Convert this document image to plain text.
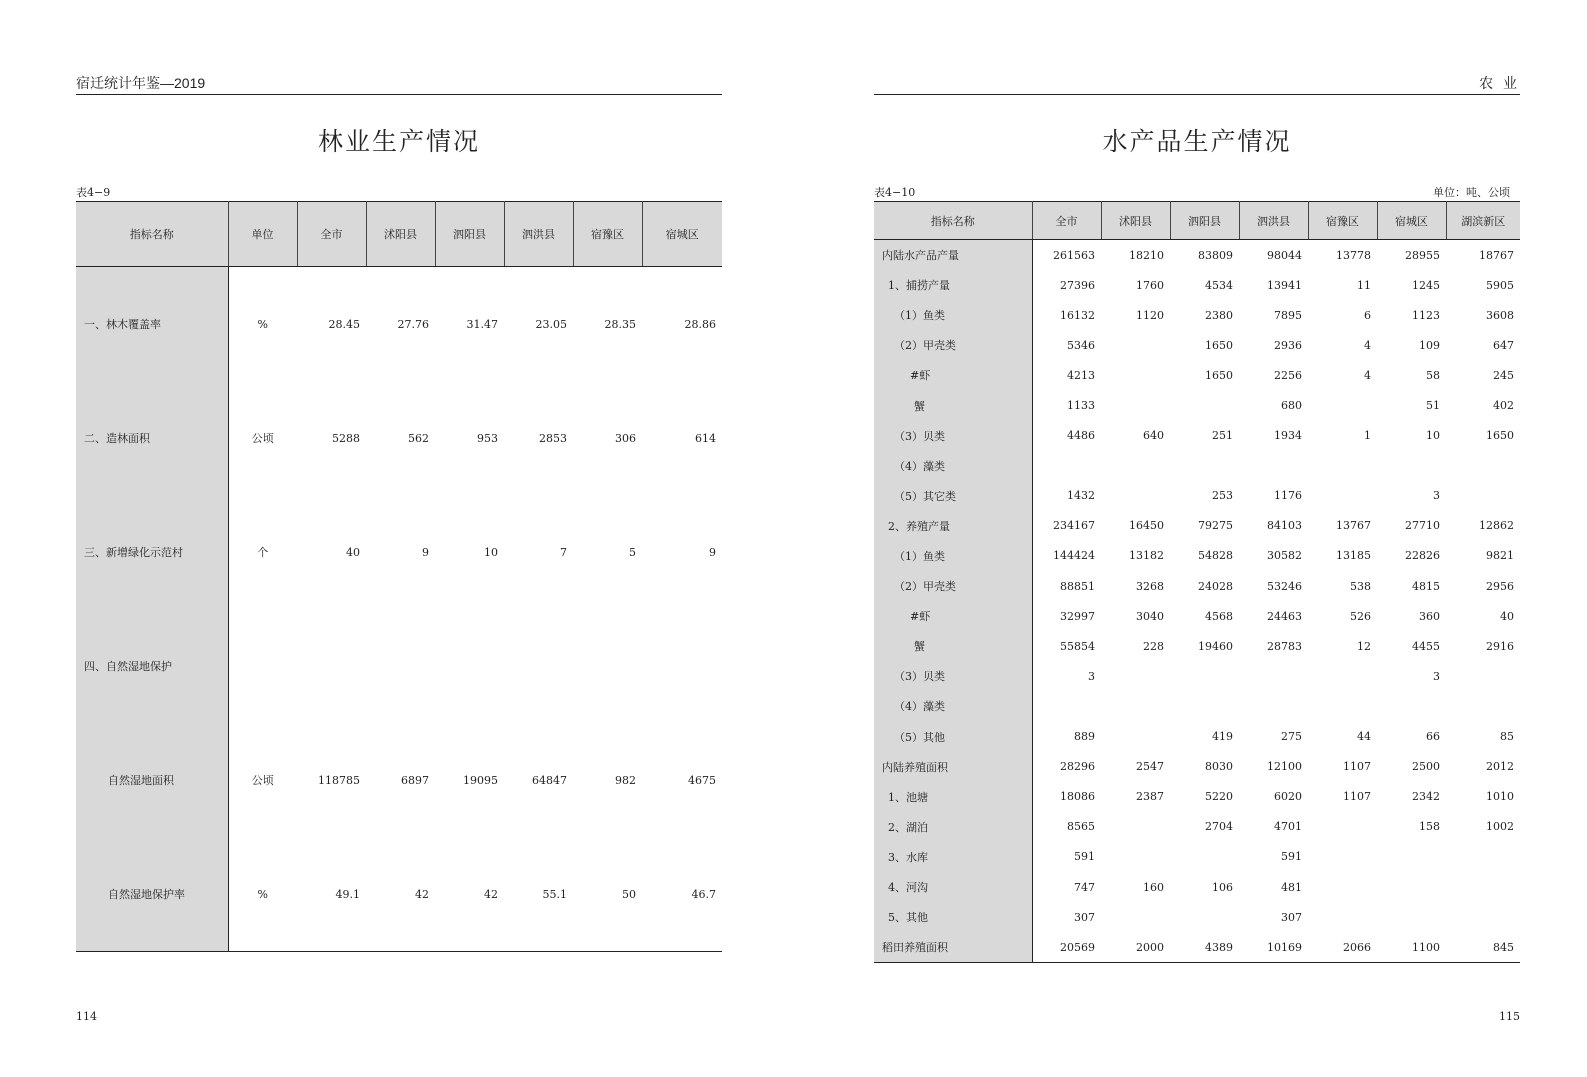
宿迁统计年鉴—2019
林业生产情况
表4−9
指标名称	单位	全市	沭阳县	泗阳县	泗洪县	宿豫区	宿城区
一、林木覆盖率	%	28.45	27.76	31.47	23.05	28.35	28.86
二、造林面积	公顷	5288	562	953	2853	306	614
三、新增绿化示范村	个	40	9	10	7	5	9
四、自然湿地保护							
自然湿地面积	公顷	118785	6897	19095	64847	982	4675
自然湿地保护率	%	49.1	42	42	55.1	50	46.7
114
农 业
水产品生产情况
表4−10	单位：吨、公顷
指标名称	全市	沭阳县	泗阳县	泗洪县	宿豫区	宿城区	湖滨新区
内陆水产品产量	261563	18210	83809	98044	13778	28955	18767
1、捕捞产量	27396	1760	4534	13941	11	1245	5905
（1）鱼类	16132	1120	2380	7895	6	1123	3608
（2）甲壳类	5346		1650	2936	4	109	647
#虾	4213		1650	2256	4	58	245
蟹	1133			680		51	402
（3）贝类	4486	640	251	1934	1	10	1650
（4）藻类							
（5）其它类	1432		253	1176		3	
2、养殖产量	234167	16450	79275	84103	13767	27710	12862
（1）鱼类	144424	13182	54828	30582	13185	22826	9821
（2）甲壳类	88851	3268	24028	53246	538	4815	2956
#虾	32997	3040	4568	24463	526	360	40
蟹	55854	228	19460	28783	12	4455	2916
（3）贝类	3					3	
（4）藻类							
（5）其他	889		419	275	44	66	85
内陆养殖面积	28296	2547	8030	12100	1107	2500	2012
1、池塘	18086	2387	5220	6020	1107	2342	1010
2、湖泊	8565		2704	4701		158	1002
3、水库	591			591			
4、河沟	747	160	106	481			
5、其他	307			307			
稻田养殖面积	20569	2000	4389	10169	2066	1100	845
115
